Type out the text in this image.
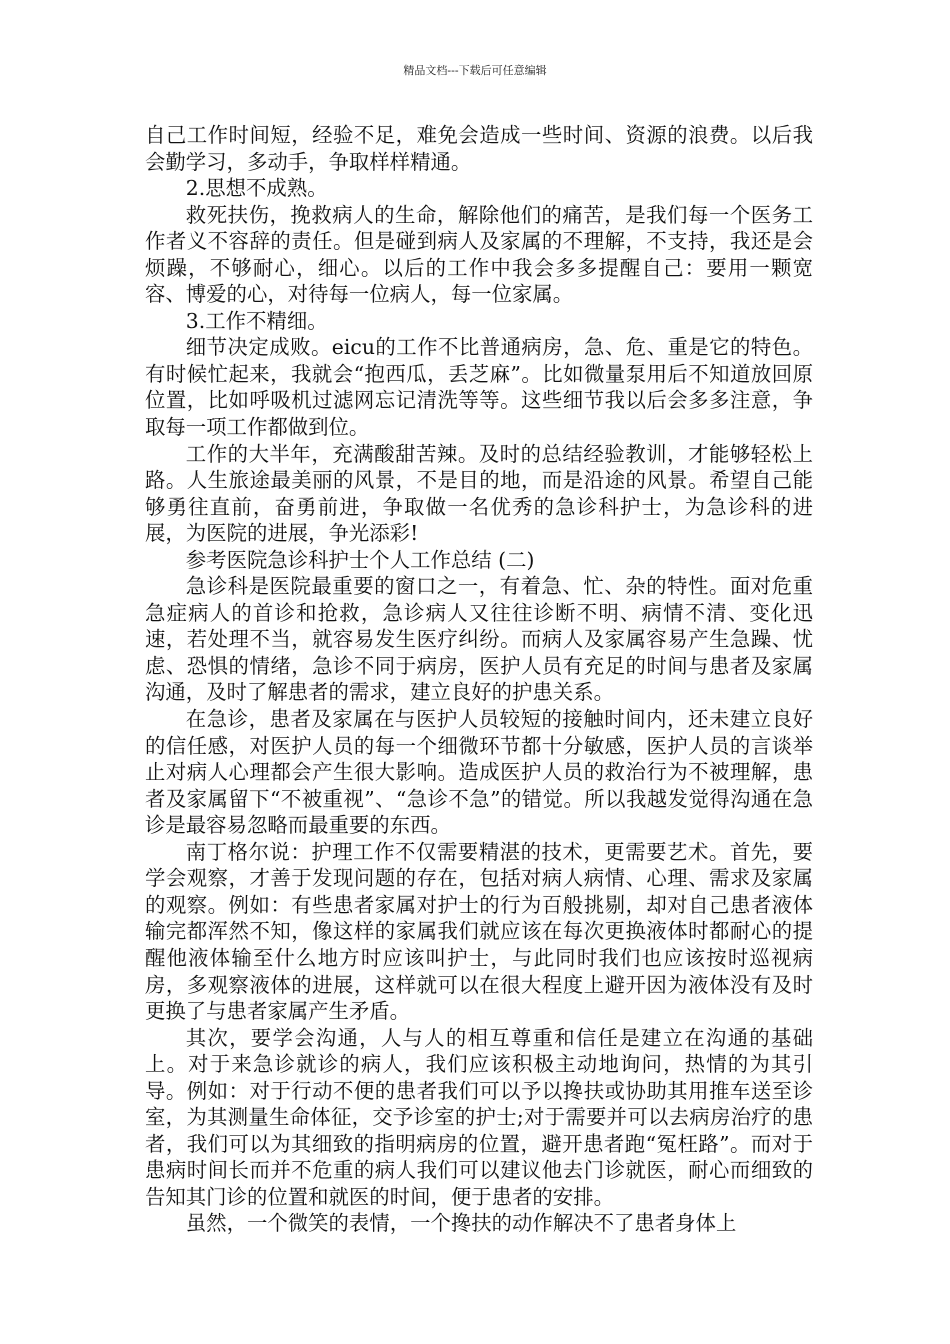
精品文档---下载后可任意编辑

自己工作时间短，经验不足，难免会造成一些时间、资源的浪费。以后我会勤学习，多动手，争取样样精通。

2.思想不成熟。

救死扶伤，挽救病人的生命，解除他们的痛苦，是我们每一个医务工作者义不容辞的责任。但是碰到病人及家属的不理解，不支持，我还是会烦躁，不够耐心，细心。以后的工作中我会多多提醒自己：要用一颗宽容、博爱的心，对待每一位病人，每一位家属。

3.工作不精细。

细节决定成败。eicu的工作不比普通病房，急、危、重是它的特色。有时候忙起来，我就会“抱西瓜，丢芝麻”。比如微量泵用后不知道放回原位置，比如呼吸机过滤网忘记清洗等等。这些细节我以后会多多注意，争取每一项工作都做到位。

工作的大半年，充满酸甜苦辣。及时的总结经验教训，才能够轻松上路。人生旅途最美丽的风景，不是目的地，而是沿途的风景。希望自己能够勇往直前，奋勇前进，争取做一名优秀的急诊科护士，为急诊科的进展，为医院的进展，争光添彩!

参考医院急诊科护士个人工作总结 (二)

急诊科是医院最重要的窗口之一，有着急、忙、杂的特性。面对危重急症病人的首诊和抢救，急诊病人又往往诊断不明、病情不清、变化迅速，若处理不当，就容易发生医疗纠纷。而病人及家属容易产生急躁、忧虑、恐惧的情绪，急诊不同于病房，医护人员有充足的时间与患者及家属沟通，及时了解患者的需求，建立良好的护患关系。

在急诊，患者及家属在与医护人员较短的接触时间内，还未建立良好的信任感，对医护人员的每一个细微环节都十分敏感，医护人员的言谈举止对病人心理都会产生很大影响。造成医护人员的救治行为不被理解，患者及家属留下“不被重视”、“急诊不急”的错觉。所以我越发觉得沟通在急诊是最容易忽略而最重要的东西。

南丁格尔说：护理工作不仅需要精湛的技术，更需要艺术。首先，要学会观察，才善于发现问题的存在，包括对病人病情、心理、需求及家属的观察。例如：有些患者家属对护士的行为百般挑剔，却对自己患者液体输完都浑然不知，像这样的家属我们就应该在每次更换液体时都耐心的提醒他液体输至什么地方时应该叫护士，与此同时我们也应该按时巡视病房，多观察液体的进展，这样就可以在很大程度上避开因为液体没有及时更换了与患者家属产生矛盾。

其次，要学会沟通，人与人的相互尊重和信任是建立在沟通的基础上。对于来急诊就诊的病人，我们应该积极主动地询问，热情的为其引导。例如：对于行动不便的患者我们可以予以搀扶或协助其用推车送至诊室，为其测量生命体征，交予诊室的护士;对于需要并可以去病房治疗的患者，我们可以为其细致的指明病房的位置，避开患者跑“冤枉路”。而对于患病时间长而并不危重的病人我们可以建议他去门诊就医，耐心而细致的告知其门诊的位置和就医的时间，便于患者的安排。

虽然，一个微笑的表情，一个搀扶的动作解决不了患者身体上
